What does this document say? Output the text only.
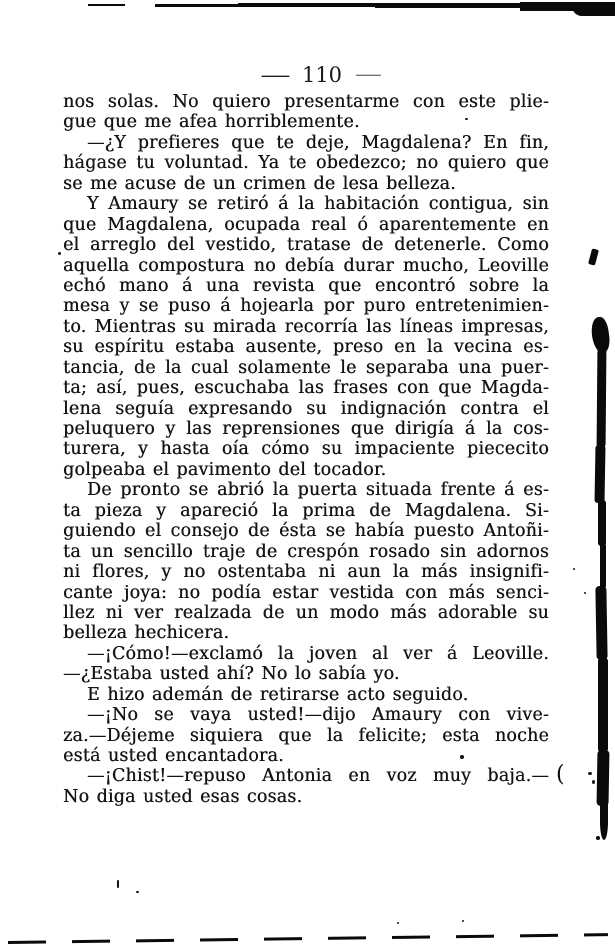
— 110 —
nos solas. No quiero presentarme con este plie-
gue que me afea horriblemente.
—¿Y prefieres que te deje, Magdalena? En fin,
hágase tu voluntad. Ya te obedezco; no quiero que
se me acuse de un crimen de lesa belleza.
Y Amaury se retiró á la habitación contigua, sin
que Magdalena, ocupada real ó aparentemente en
el arreglo del vestido, tratase de detenerle. Como
aquella compostura no debía durar mucho, Leoville
echó mano á una revista que encontró sobre la
mesa y se puso á hojearla por puro entretenimien-
to. Mientras su mirada recorría las líneas impresas,
su espíritu estaba ausente, preso en la vecina es-
tancia, de la cual solamente le separaba una puer-
ta; así, pues, escuchaba las frases con que Magda-
lena seguía expresando su indignación contra el
peluquero y las reprensiones que dirigía á la cos-
turera, y hasta oía cómo su impaciente piececito
golpeaba el pavimento del tocador.
De pronto se abrió la puerta situada frente á es-
ta pieza y apareció la prima de Magdalena. Si-
guiendo el consejo de ésta se había puesto Antoñi-
ta un sencillo traje de crespón rosado sin adornos
ni flores, y no ostentaba ni aun la más insignifi-
cante joya: no podía estar vestida con más senci-
llez ni ver realzada de un modo más adorable su
belleza hechicera.
—¡Cómo!—exclamó la joven al ver á Leoville.
—¿Estaba usted ahí? No lo sabía yo.
E hizo ademán de retirarse acto seguido.
—¡No se vaya usted!—dijo Amaury con vive-
za.—Déjeme siquiera que la felicite; esta noche
está usted encantadora.
—¡Chist!—repuso Antonia en voz muy baja.—
No diga usted esas cosas.
(
